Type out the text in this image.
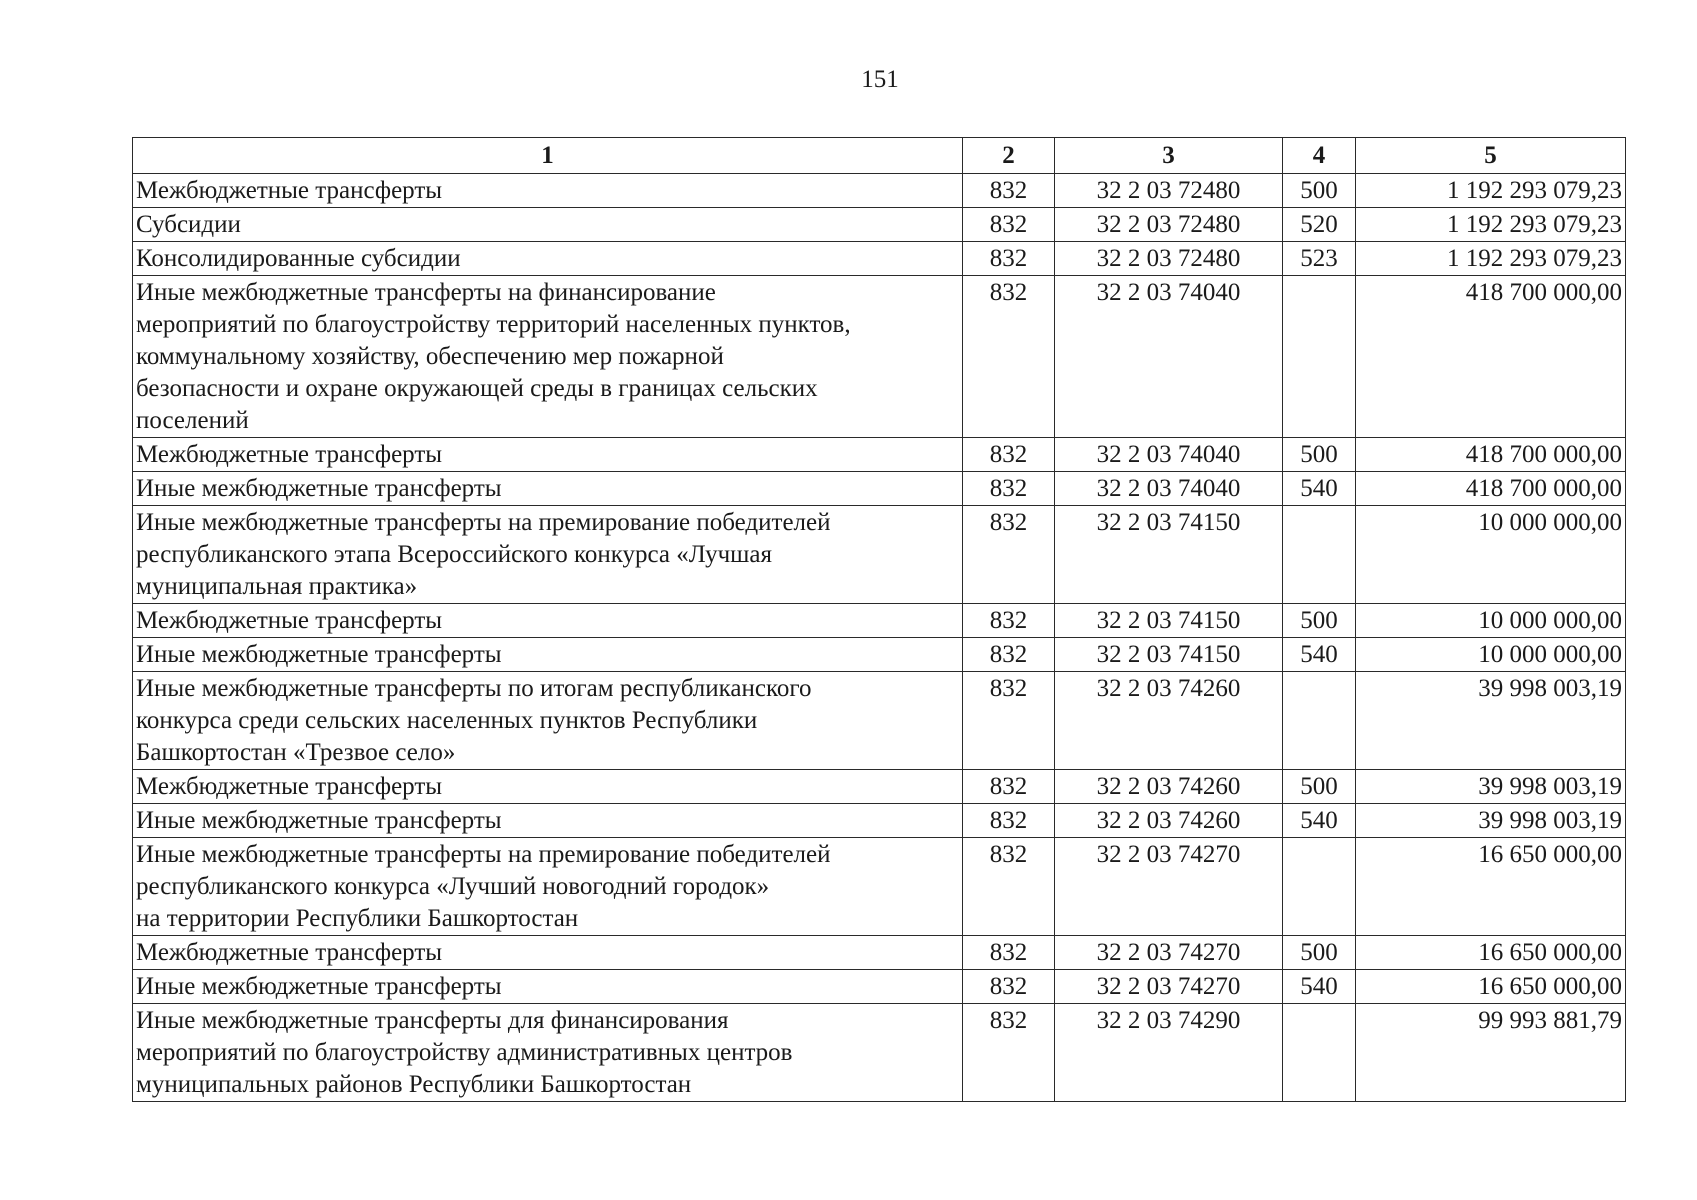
151
1	2	3	4	5
Межбюджетные трансферты	832	32 2 03 72480	500	1 192 293 079,23
Субсидии	832	32 2 03 72480	520	1 192 293 079,23
Консолидированные субсидии	832	32 2 03 72480	523	1 192 293 079,23
Иные межбюджетные трансферты на финансирование
мероприятий по благоустройству территорий населенных пунктов,
коммунальному хозяйству, обеспечению мер пожарной
безопасности и охране окружающей среды в границах сельских
поселений	832	32 2 03 74040		418 700 000,00
Межбюджетные трансферты	832	32 2 03 74040	500	418 700 000,00
Иные межбюджетные трансферты	832	32 2 03 74040	540	418 700 000,00
Иные межбюджетные трансферты на премирование победителей
республиканского этапа Всероссийского конкурса «Лучшая
муниципальная практика»	832	32 2 03 74150		10 000 000,00
Межбюджетные трансферты	832	32 2 03 74150	500	10 000 000,00
Иные межбюджетные трансферты	832	32 2 03 74150	540	10 000 000,00
Иные межбюджетные трансферты по итогам республиканского
конкурса среди сельских населенных пунктов Республики
Башкортостан «Трезвое село»	832	32 2 03 74260		39 998 003,19
Межбюджетные трансферты	832	32 2 03 74260	500	39 998 003,19
Иные межбюджетные трансферты	832	32 2 03 74260	540	39 998 003,19
Иные межбюджетные трансферты на премирование победителей
республиканского конкурса «Лучший новогодний городок»
на территории Республики Башкортостан	832	32 2 03 74270		16 650 000,00
Межбюджетные трансферты	832	32 2 03 74270	500	16 650 000,00
Иные межбюджетные трансферты	832	32 2 03 74270	540	16 650 000,00
Иные межбюджетные трансферты для финансирования
мероприятий по благоустройству административных центров
муниципальных районов Республики Башкортостан	832	32 2 03 74290		99 993 881,79
